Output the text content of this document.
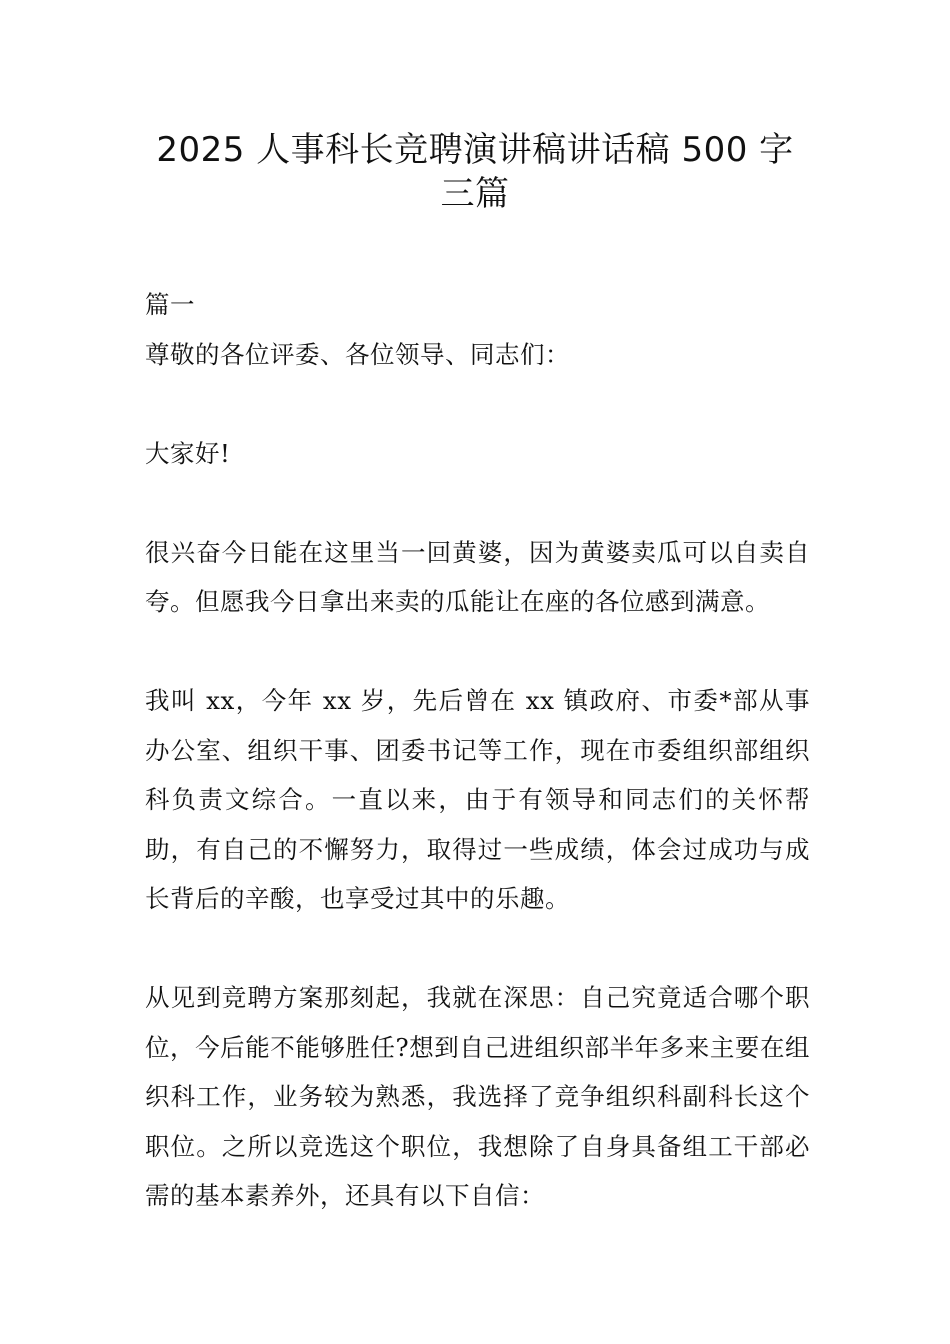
2025 人事科长竞聘演讲稿讲话稿 500 字三篇

篇一

尊敬的各位评委、各位领导、同志们：

大家好!

很兴奋今日能在这里当一回黄婆，因为黄婆卖瓜可以自卖自夸。但愿我今日拿出来卖的瓜能让在座的各位感到满意。

我叫 xx，今年 xx 岁，先后曾在 xx 镇政府、市委*部从事办公室、组织干事、团委书记等工作，现在市委组织部组织科负责文综合。一直以来，由于有领导和同志们的关怀帮助，有自己的不懈努力，取得过一些成绩，体会过成功与成长背后的辛酸，也享受过其中的乐趣。

从见到竞聘方案那刻起，我就在深思：自己究竟适合哪个职位，今后能不能够胜任?想到自己进组织部半年多来主要在组织科工作，业务较为熟悉，我选择了竞争组织科副科长这个职位。之所以竞选这个职位，我想除了自身具备组工干部必需的基本素养外，还具有以下自信：
